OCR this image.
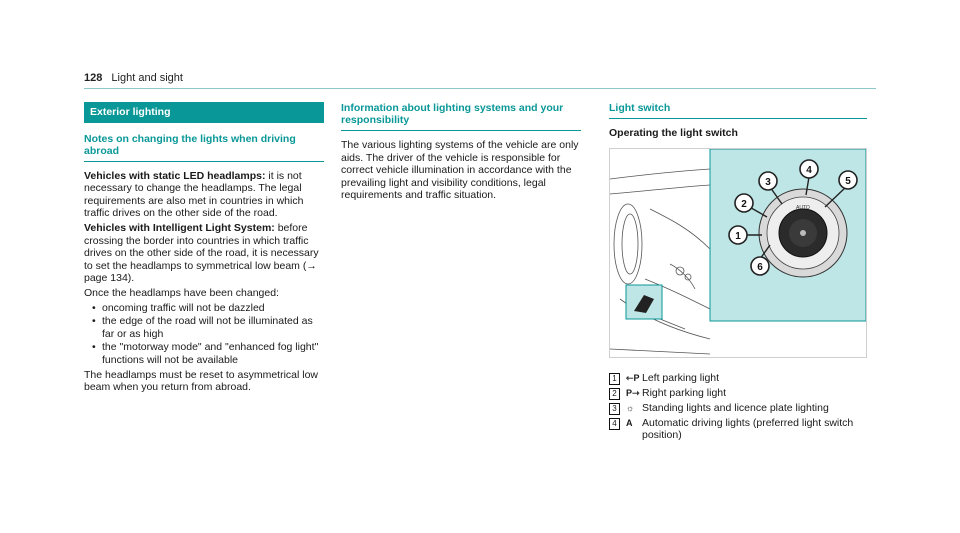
128 Light and sight
Exterior lighting
Notes on changing the lights when driving abroad

Vehicles with static LED headlamps: it is not necessary to change the headlamps. The legal requirements are also met in countries in which traffic drives on the other side of the road.

Vehicles with Intelligent Light System: before crossing the border into countries in which traffic drives on the other side of the road, it is necessary to set the headlamps to symmetrical low beam (→ page 134).

Once the headlamps have been changed:

• oncoming traffic will not be dazzled
• the edge of the road will not be illuminated as far or as high
• the "motorway mode" and "enhanced fog light" functions will not be available

The headlamps must be reset to asymmetrical low beam when you return from abroad.

Information about lighting systems and your responsibility

The various lighting systems of the vehicle are only aids. The driver of the vehicle is responsible for correct vehicle illumination in accordance with the prevailing light and visibility conditions, legal requirements and traffic situation.

Light switch
Operating the light switch
AUTO
1
2
3
4
5
6
1	⇽P Left parking light
2	P⇾ Right parking light
3	☼ Standing lights and licence plate lighting
4	A Automatic driving lights (preferred light switch position)
